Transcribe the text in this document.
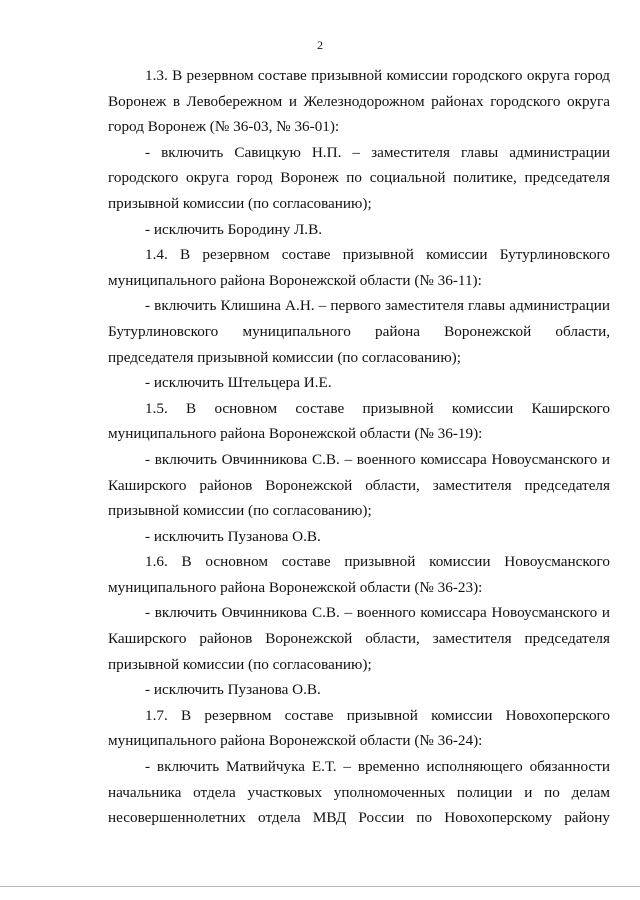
2

1.3. В резервном составе призывной комиссии городского округа город Воронеж в Левобережном и Железнодорожном районах городского округа город Воронеж (№ 36-03, № 36-01):

- включить Савицкую Н.П. – заместителя главы администрации городского округа город Воронеж по социальной политике, председателя призывной комиссии (по согласованию);

- исключить Бородину Л.В.

1.4. В резервном составе призывной комиссии Бутурлиновского муниципального района Воронежской области (№ 36-11):

- включить Клишина А.Н. – первого заместителя главы администрации Бутурлиновского муниципального района Воронежской области, председателя призывной комиссии (по согласованию);

- исключить Штельцера И.Е.

1.5. В основном составе призывной комиссии Каширского муниципального района Воронежской области (№ 36-19):

- включить Овчинникова С.В. – военного комиссара Новоусманского и Каширского районов Воронежской области, заместителя председателя призывной комиссии (по согласованию);

- исключить Пузанова О.В.

1.6. В основном составе призывной комиссии Новоусманского муниципального района Воронежской области (№ 36-23):

- включить Овчинникова С.В. – военного комиссара Новоусманского и Каширского районов Воронежской области, заместителя председателя призывной комиссии (по согласованию);

- исключить Пузанова О.В.

1.7. В резервном составе призывной комиссии Новохоперского муниципального района Воронежской области (№ 36-24):

- включить Матвийчука Е.Т. – временно исполняющего обязанности начальника отдела участковых уполномоченных полиции и по делам несовершеннолетних отдела МВД России по Новохоперскому району
